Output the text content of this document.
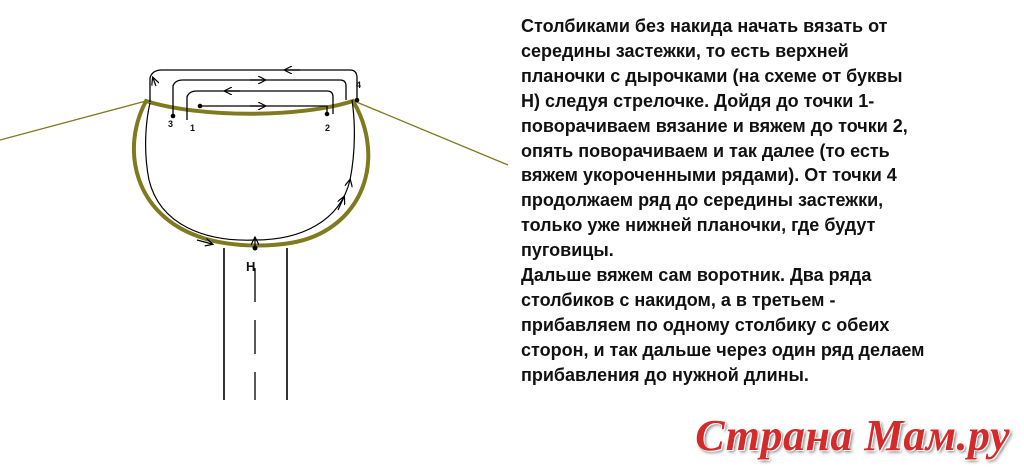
1	2
3
4
Н

Столбиками без накида начать вязать от
середины застежки, то есть верхней
планочки с дырочками (на схеме от буквы
Н) следуя стрелочке. Дойдя до точки 1-
поворачиваем вязание и вяжем до точки 2,
опять поворачиваем и так далее (то есть
вяжем укороченными рядами). От точки 4
продолжаем ряд до середины застежки,
только уже нижней планочки, где будут
пуговицы.

Дальше вяжем сам воротник. Два ряда
столбиков с накидом, а в третьем -
прибавляем по одному столбику с обеих
сторон, и так дальше через один ряд делаем
прибавления до нужной длины.

Страна Мам.ру
